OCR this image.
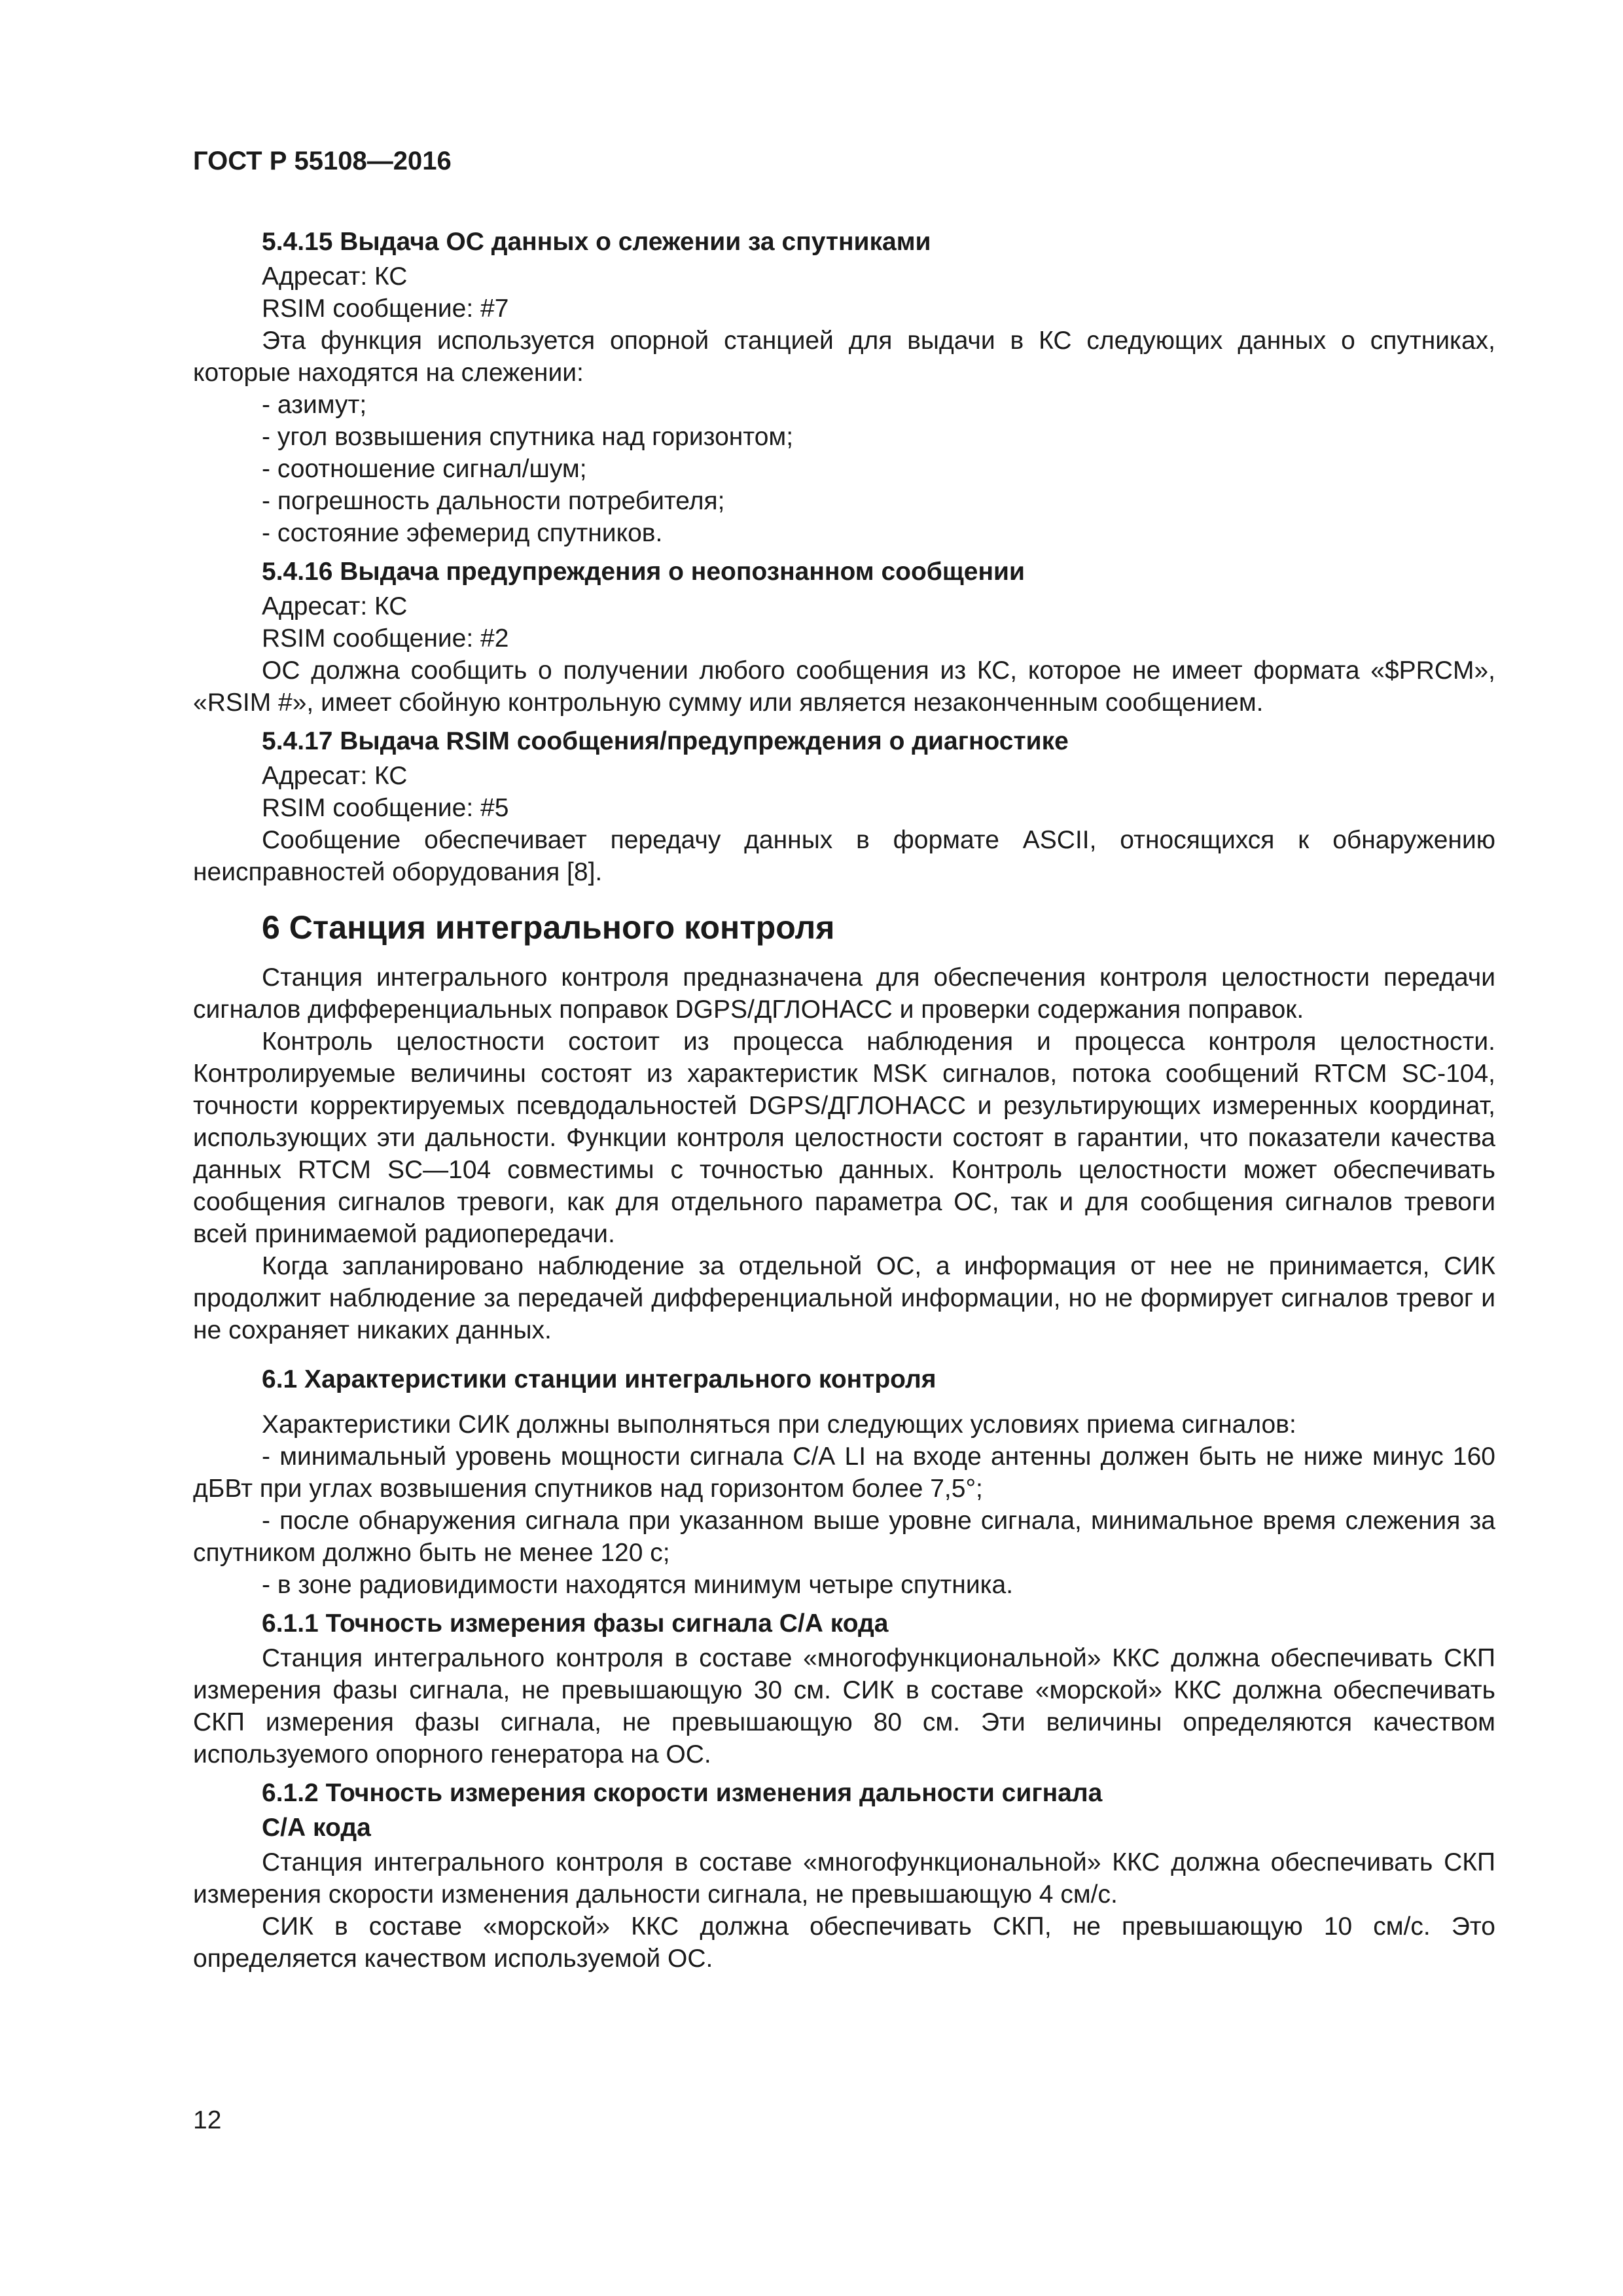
ГОСТ Р 55108—2016

5.4.15 Выдача ОС данных о слежении за спутниками

Адресат: КС

RSIM сообщение: #7

Эта функция используется опорной станцией для выдачи в КС следующих данных о спутниках, которые находятся на слежении:

- азимут;

- угол возвышения спутника над горизонтом;

- соотношение сигнал/шум;

- погрешность дальности потребителя;

- состояние эфемерид спутников.

5.4.16 Выдача предупреждения о неопознанном сообщении

Адресат: КС

RSIM сообщение: #2

ОС должна сообщить о получении любого сообщения из КС, которое не имеет формата «$PRCM», «RSIM #», имеет сбойную контрольную сумму или является незаконченным сообщением.

5.4.17 Выдача RSIM сообщения/предупреждения о диагностике

Адресат: КС

RSIM сообщение: #5

Сообщение обеспечивает передачу данных в формате ASCII, относящихся к обнаружению неисправностей оборудования [8].

6 Станция интегрального контроля

Станция интегрального контроля предназначена для обеспечения контроля целостности передачи сигналов дифференциальных поправок DGPS/ДГЛОНАСС и проверки содержания поправок.

Контроль целостности состоит из процесса наблюдения и процесса контроля целостности. Контролируемые величины состоят из характеристик MSK сигналов, потока сообщений RTCM SC-104, точности корректируемых псевдодальностей DGPS/ДГЛОНАСС и результирующих измеренных координат, использующих эти дальности. Функции контроля целостности состоят в гарантии, что показатели качества данных RTCM SC—104 совместимы с точностью данных. Контроль целостности может обеспечивать сообщения сигналов тревоги, как для отдельного параметра ОС, так и для сообщения сигналов тревоги всей принимаемой радиопередачи.

Когда запланировано наблюдение за отдельной ОС, а информация от нее не принимается, СИК продолжит наблюдение за передачей дифференциальной информации, но не формирует сигналов тревог и не сохраняет никаких данных.

6.1 Характеристики станции интегрального контроля

Характеристики СИК должны выполняться при следующих условиях приема сигналов:

- минимальный уровень мощности сигнала С/А LI на входе антенны должен быть не ниже минус 160 дБВт при углах возвышения спутников над горизонтом более 7,5°;

- после обнаружения сигнала при указанном выше уровне сигнала, минимальное время слежения за спутником должно быть не менее 120 с;

- в зоне радиовидимости находятся минимум четыре спутника.

6.1.1 Точность измерения фазы сигнала С/А кода

Станция интегрального контроля в составе «многофункциональной» ККС должна обеспечивать СКП измерения фазы сигнала, не превышающую 30 см. СИК в составе «морской» ККС должна обеспечивать СКП измерения фазы сигнала, не превышающую 80 см. Эти величины определяются качеством используемого опорного генератора на ОС.

6.1.2 Точность измерения скорости изменения дальности сигнала

С/А кода

Станция интегрального контроля в составе «многофункциональной» ККС должна обеспечивать СКП измерения скорости изменения дальности сигнала, не превышающую 4 см/с.

СИК в составе «морской» ККС должна обеспечивать СКП, не превышающую 10 см/с. Это определяется качеством используемой ОС.

12
